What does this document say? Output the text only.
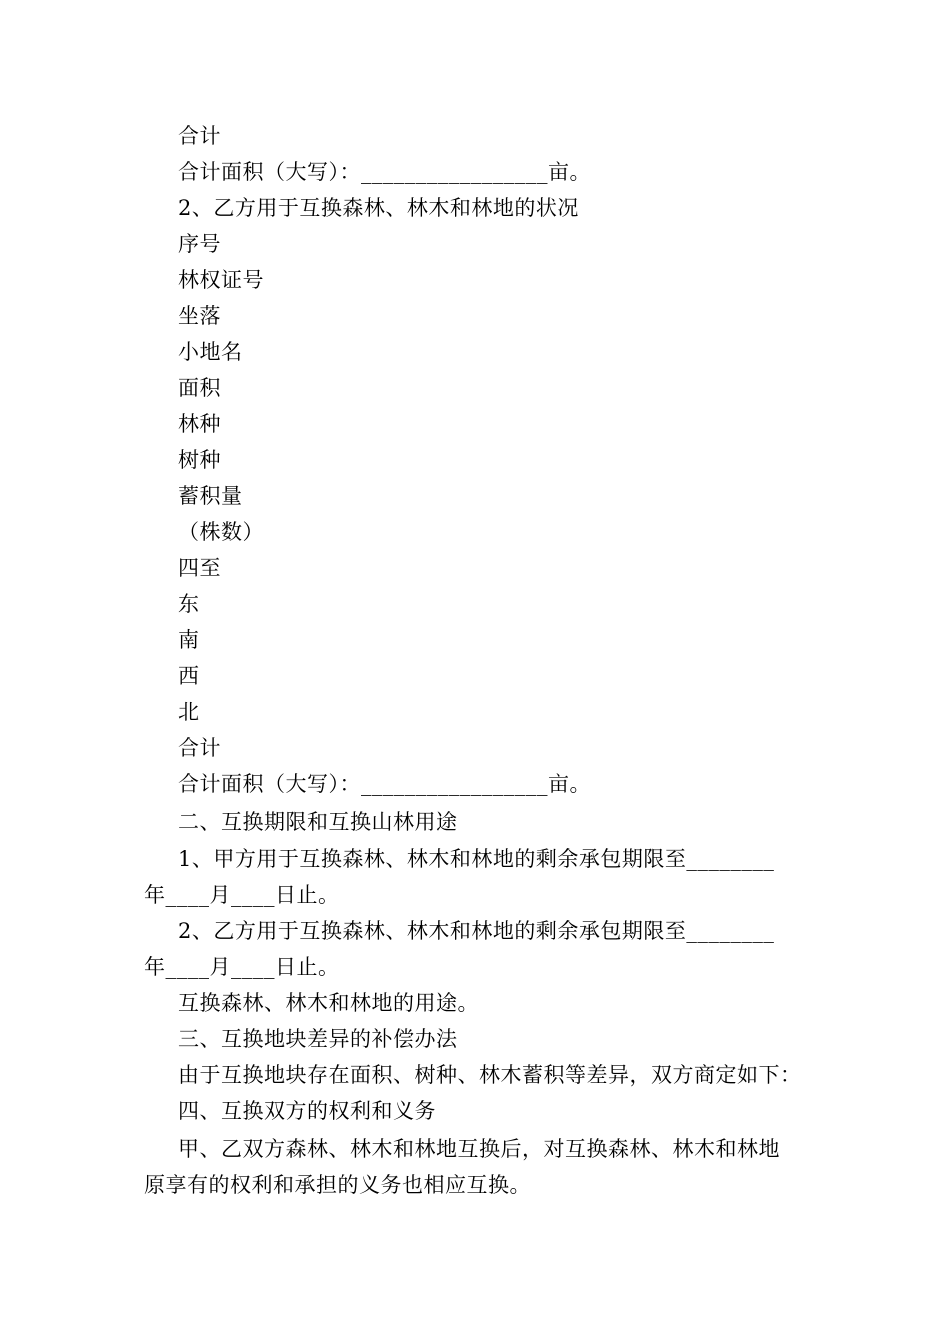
合计
合计面积（大写）：_________________亩。
2、乙方用于互换森林、林木和林地的状况
序号
林权证号
坐落
小地名
面积
林种
树种
蓄积量
（株数）
四至
东
南
西
北
合计
合计面积（大写）：_________________亩。
二、互换期限和互换山林用途
1、甲方用于互换森林、林木和林地的剩余承包期限至________
年____月____日止。
2、乙方用于互换森林、林木和林地的剩余承包期限至________
年____月____日止。
互换森林、林木和林地的用途。
三、互换地块差异的补偿办法
由于互换地块存在面积、树种、林木蓄积等差异，双方商定如下：
四、互换双方的权利和义务
甲、乙双方森林、林木和林地互换后，对互换森林、林木和林地
原享有的权利和承担的义务也相应互换。
